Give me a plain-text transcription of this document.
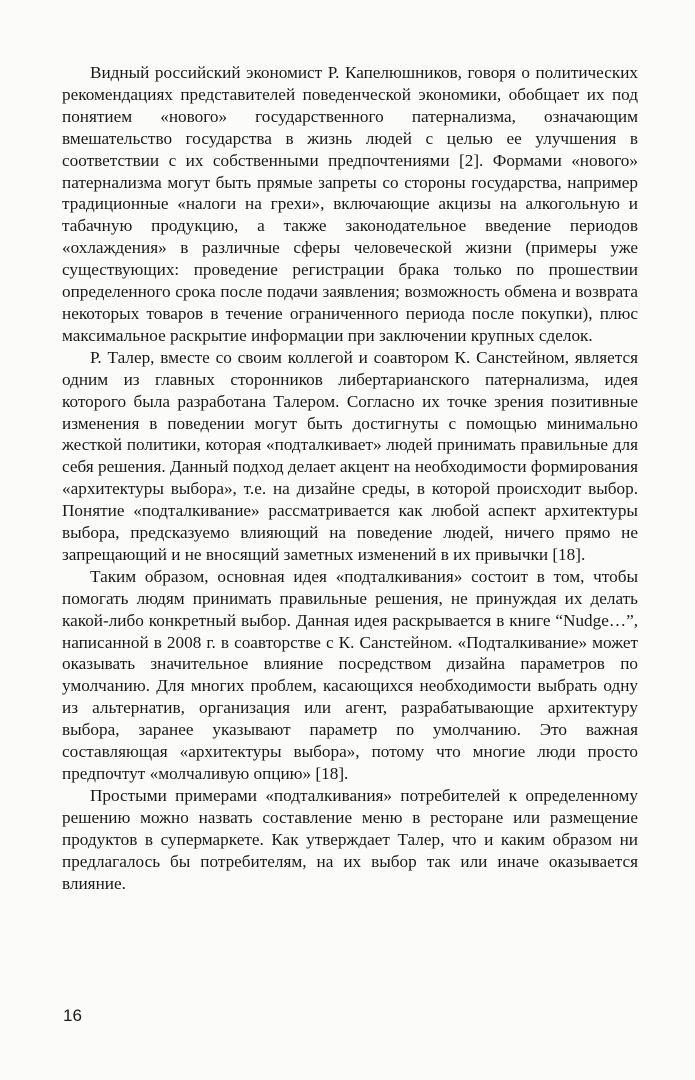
Видный российский экономист Р. Капелюшников, говоря о политических рекомендациях представителей поведенческой экономики, обобщает их под понятием «нового» государственного патернализма, означающим вмешательство государства в жизнь людей с целью ее улучшения в соответствии с их собственными предпочтениями [2]. Формами «нового» патернализма могут быть прямые запреты со стороны государства, например традиционные «налоги на грехи», включающие акцизы на алкогольную и табачную продукцию, а также законодательное введение периодов «охлаждения» в различные сферы человеческой жизни (примеры уже существующих: проведение регистрации брака только по прошествии определенного срока после подачи заявления; возможность обмена и возврата некоторых товаров в течение ограниченного периода после покупки), плюс максимальное раскрытие информации при заключении крупных сделок.

Р. Талер, вместе со своим коллегой и соавтором К. Санстейном, является одним из главных сторонников либертарианского патернализма, идея которого была разработана Талером. Согласно их точке зрения позитивные изменения в поведении могут быть достигнуты с помощью минимально жесткой политики, которая «подталкивает» людей принимать правильные для себя решения. Данный подход делает акцент на необходимости формирования «архитектуры выбора», т.е. на дизайне среды, в которой происходит выбор. Понятие «подталкивание» рассматривается как любой аспект архитектуры выбора, предсказуемо влияющий на поведение людей, ничего прямо не запрещающий и не вносящий заметных изменений в их привычки [18].

Таким образом, основная идея «подталкивания» состоит в том, чтобы помогать людям принимать правильные решения, не принуждая их делать какой-либо конкретный выбор. Данная идея раскрывается в книге “Nudge…”, написанной в 2008 г. в соавторстве с К. Санстейном. «Подталкивание» может оказывать значительное влияние посредством дизайна параметров по умолчанию. Для многих проблем, касающихся необходимости выбрать одну из альтернатив, организация или агент, разрабатывающие архитектуру выбора, заранее указывают параметр по умолчанию. Это важная составляющая «архитектуры выбора», потому что многие люди просто предпочтут «молчаливую опцию» [18].

Простыми примерами «подталкивания» потребителей к определенному решению можно назвать составление меню в ресторане или размещение продуктов в супермаркете. Как утверждает Талер, что и каким образом ни предлагалось бы потребителям, на их выбор так или иначе оказывается влияние.

16
